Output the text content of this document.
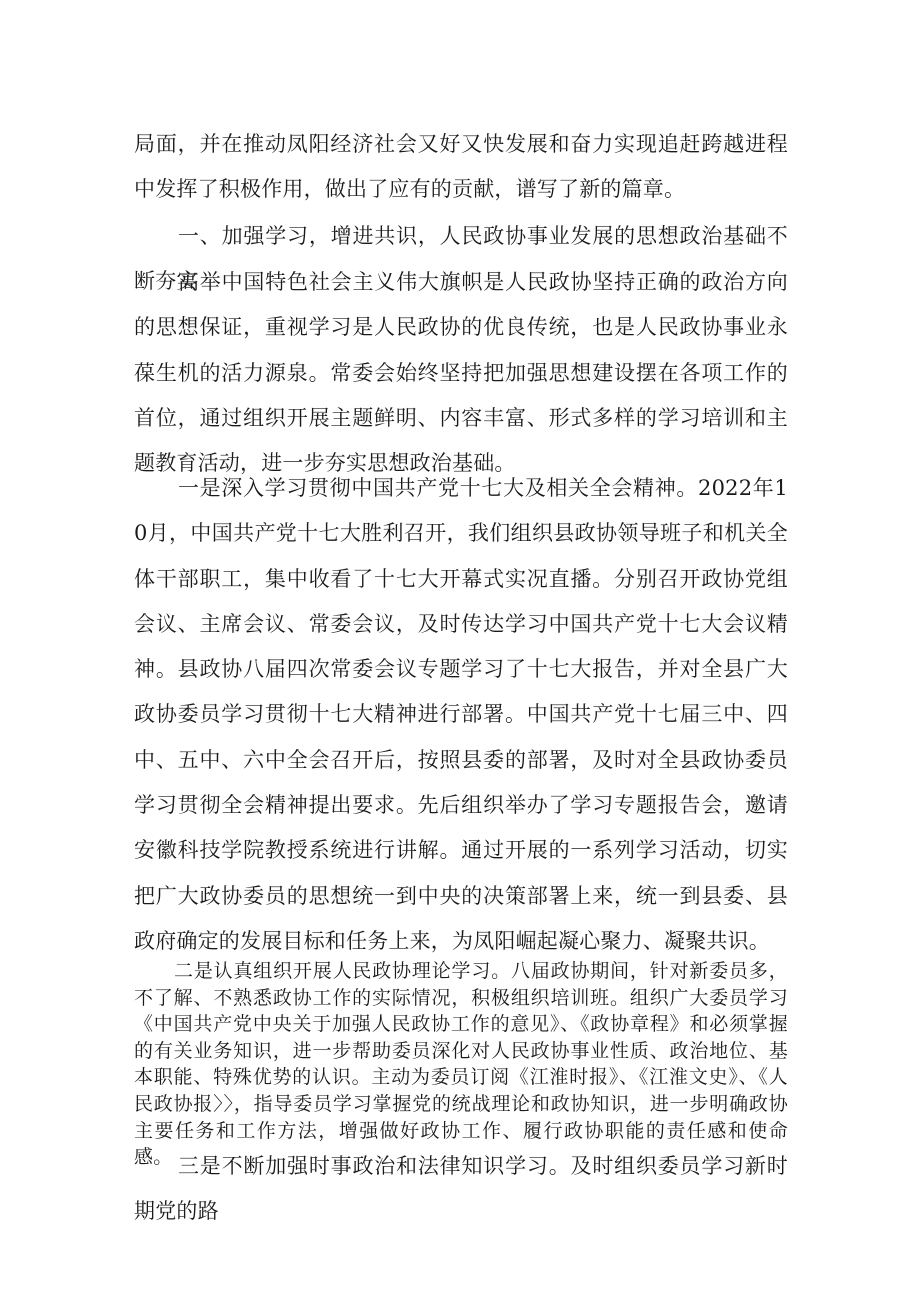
局面，并在推动凤阳经济社会又好又快发展和奋力实现追赶跨越进程中发挥了积极作用，做出了应有的贡献，谱写了新的篇章。

一、加强学习，增进共识，人民政协事业发展的思想政治基础不断夯实

高举中国特色社会主义伟大旗帜是人民政协坚持正确的政治方向的思想保证，重视学习是人民政协的优良传统，也是人民政协事业永葆生机的活力源泉。常委会始终坚持把加强思想建设摆在各项工作的首位，通过组织开展主题鲜明、内容丰富、形式多样的学习培训和主题教育活动，进一步夯实思想政治基础。

一是深入学习贯彻中国共产党十七大及相关全会精神。2022年10月，中国共产党十七大胜利召开，我们组织县政协领导班子和机关全体干部职工，集中收看了十七大开幕式实况直播。分别召开政协党组会议、主席会议、常委会议，及时传达学习中国共产党十七大会议精神。县政协八届四次常委会议专题学习了十七大报告，并对全县广大政协委员学习贯彻十七大精神进行部署。中国共产党十七届三中、四中、五中、六中全会召开后，按照县委的部署，及时对全县政协委员学习贯彻全会精神提出要求。先后组织举办了学习专题报告会，邀请安徽科技学院教授系统进行讲解。通过开展的一系列学习活动，切实把广大政协委员的思想统一到中央的决策部署上来，统一到县委、县政府确定的发展目标和任务上来，为凤阳崛起凝心聚力、凝聚共识。

二是认真组织开展人民政协理论学习。八届政协期间，针对新委员多，不了解、不熟悉政协工作的实际情况，积极组织培训班。组织广大委员学习《中国共产党中央关于加强人民政协工作的意见》、《政协章程》和必须掌握的有关业务知识，进一步帮助委员深化对人民政协事业性质、政治地位、基本职能、特殊优势的认识。主动为委员订阅《江淮时报》、《江淮文史》、《人民政协报〉〉，指导委员学习掌握党的统战理论和政协知识，进一步明确政协主要任务和工作方法，增强做好政协工作、履行政协职能的责任感和使命感。 三是不断加强时事政治和法律知识学习。及时组织委员学习新时期党的路
